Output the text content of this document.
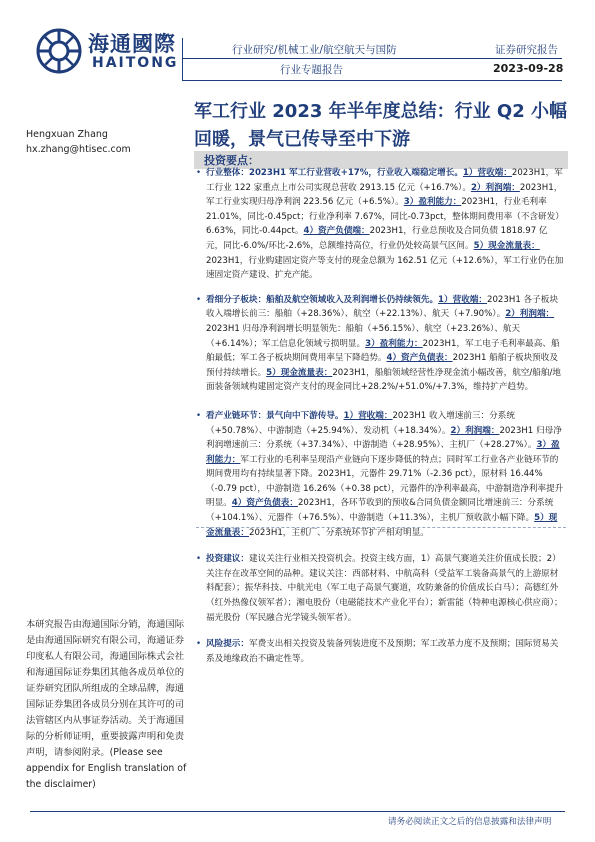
海通國際
HAITONG
行业研究/机械工业/航空航天与国防
行业专题报告
证券研究报告
2023-09-28
军工行业 2023 年半年度总结：行业 Q2 小幅回暖，景气已传导至中下游
Hengxuan Zhang
hx.zhang@htisec.com
投资要点：
• 行业整体：2023H1 军工行业营收+17%，行业收入端稳定增长。1）营收端：2023H1，军工行业 122 家重点上市公司实现总营收 2913.15 亿元（+16.7%）。2）利润端：2023H1，军工行业实现归母净利润 223.56 亿元（+6.5%）。3）盈利能力：2023H1，行业毛利率 21.01%，同比-0.45pct；行业净利率 7.67%，同比-0.73pct，整体期间费用率（不含研发）6.63%，同比-0.44pct。4）资产负债端：2023H1，行业总预收及合同负债 1818.97 亿元，同比-6.0%/环比-2.6%，总额维持高位，行业仍处较高景气区间。5）现金流量表：2023H1，行业购建固定资产等支付的现金总额为 162.51 亿元（+12.6%），军工行业仍在加速固定资产建设、扩充产能。
• 看细分子板块：船舶及航空领域收入及利润增长仍持续领先。1）营收端：2023H1 各子板块收入端增长前三：船舶（+28.36%）、航空（+22.13%）、航天（+7.90%）。2）利润端：2023H1 归母净利润增长明显领先：船舶（+56.15%）、航空（+23.26%）、航天（+6.14%）；军工信息化领域亏损明显。3）盈利能力：2023H1，军工电子毛利率最高、船舶最低；军工各子板块期间费用率呈下降趋势。4）资产负债表：2023H1 船舶子板块预收及预付持续增长。5）现金流量表：2023H1，船舶领域经营性净现金流小幅改善，航空/船舶/地面装备领域构建固定资产支付的现金同比+28.2%/+51.0%/+7.3%，维持扩产趋势。
• 看产业链环节：景气向中下游传导。1）营收端：2023H1 收入增速前三：分系统（+50.78%）、中游制造（+25.94%）、发动机（+18.34%）。2）利润端：2023H1 归母净利润增速前三：分系统（+37.34%）、中游制造（+28.95%）、主机厂（+28.27%）。3）盈利能力：军工行业的毛利率呈现沿产业链向下逐步降低的特点；同时军工行业各产业链环节的期间费用均有持续显著下降。2023H1，元器件 29.71%（-2.36 pct），原材料 16.44%（-0.79 pct），中游制造 16.26%（+0.38 pct），元器件的净利率最高，中游制造净利率提升明显。4）资产负债表：2023H1，各环节收到的预收&合同负债金额同比增速前三：分系统（+104.1%）、元器件（+76.5%）、中游制造（+11.3%），主机厂预收款小幅下降。5）现金流量表：2023H1，主机厂、分系统环节扩产相对明显。
• 投资建议：建议关注行业相关投资机会。投资主线方面，1）高景气赛道关注价值成长股；2）关注存在改革空间的品种。建议关注：西部材料、中航高科（受益军工装备高景气的上游原材料配套）；振华科技、中航光电（军工电子高景气赛道，攻防兼备的价值成长白马）；高德红外（红外热像仪领军者）；湘电股份（电磁能技术产业化平台）；新雷能（特种电源核心供应商）；福光股份（军民融合光学镜头领军者）。
• 风险提示：军费支出相关投资及装备列装进度不及预期；军工改革力度不及预期；国际贸易关系及地缘政治不确定性等。
本研究报告由海通国际分销，海通国际是由海通国际研究有限公司，海通证券印度私人有限公司，海通国际株式会社和海通国际证券集团其他各成员单位的证券研究团队所组成的全球品牌，海通国际证券集团各成员分别在其许可的司法管辖区内从事证券活动。关于海通国际的分析师证明，重要披露声明和免责声明，请参阅附录。(Please see appendix for English translation of the disclaimer)
请务必阅读正文之后的信息披露和法律声明
